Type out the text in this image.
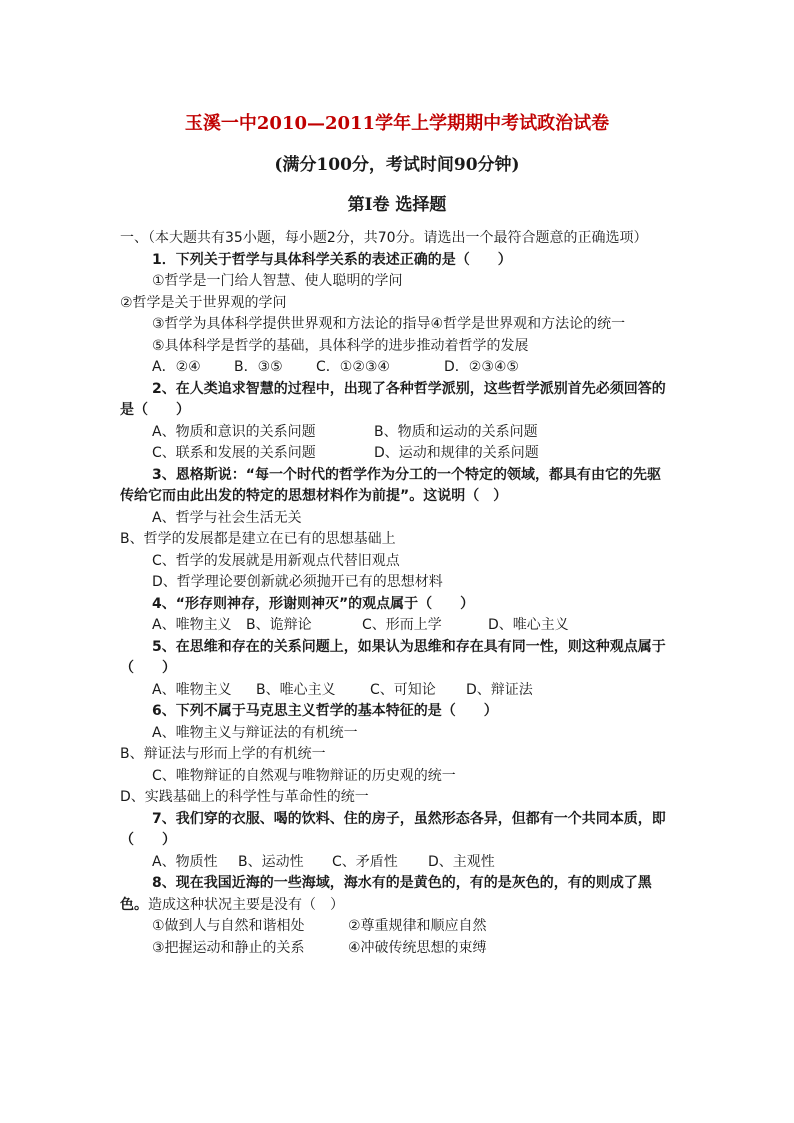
玉溪一中2010—2011学年上学期期中考试政治试卷
(满分100分，考试时间90分钟)
第Ⅰ卷 选择题
一、（本大题共有35小题，每小题2分，共70分。请选出一个最符合题意的正确选项）
1．下列关于哲学与具体科学关系的表述正确的是（　　）
①哲学是一门给人智慧、使人聪明的学问
②哲学是关于世界观的学问
③哲学为具体科学提供世界观和方法论的指导④哲学是世界观和方法论的统一
⑤具体科学是哲学的基础，具体科学的进步推动着哲学的发展
A．②④ B．③⑤ C．①②③④	D．②③④⑤
2、在人类追求智慧的过程中，出现了各种哲学派别，这些哲学派别首先必须回答的是（　　）
A、物质和意识的关系问题	B、物质和运动的关系问题
C、联系和发展的关系问题	D、运动和规律的关系问题
3、恩格斯说：“每一个时代的哲学作为分工的一个特定的领域，都具有由它的先驱传给它而由此出发的特定的思想材料作为前提”。这说明（　）
A、哲学与社会生活无关
B、哲学的发展都是建立在已有的思想基础上
C、哲学的发展就是用新观点代替旧观点
D、哲学理论要创新就必须抛开已有的思想材料
4、“形存则神存，形谢则神灭”的观点属于（　　）
A、唯物主义 B、诡辩论	C、形而上学	D、唯心主义
5、在思维和存在的关系问题上，如果认为思维和存在具有同一性，则这种观点属于（　　）
A、唯物主义 B、唯心主义 C、可知论 D、辩证法
6、下列不属于马克思主义哲学的基本特征的是（　　）
A、唯物主义与辩证法的有机统一
B、辩证法与形而上学的有机统一
C、唯物辩证的自然观与唯物辩证的历史观的统一
D、实践基础上的科学性与革命性的统一
7、我们穿的衣服、喝的饮料、住的房子，虽然形态各异，但都有一个共同本质，即（　　）
A、物质性 B、运动性 C、矛盾性 D、主观性
8、现在我国近海的一些海域，海水有的是黄色的，有的是灰色的，有的则成了黑色。造成这种状况主要是没有（　）
①做到人与自然和谐相处	②尊重规律和顺应自然
③把握运动和静止的关系	④冲破传统思想的束缚
